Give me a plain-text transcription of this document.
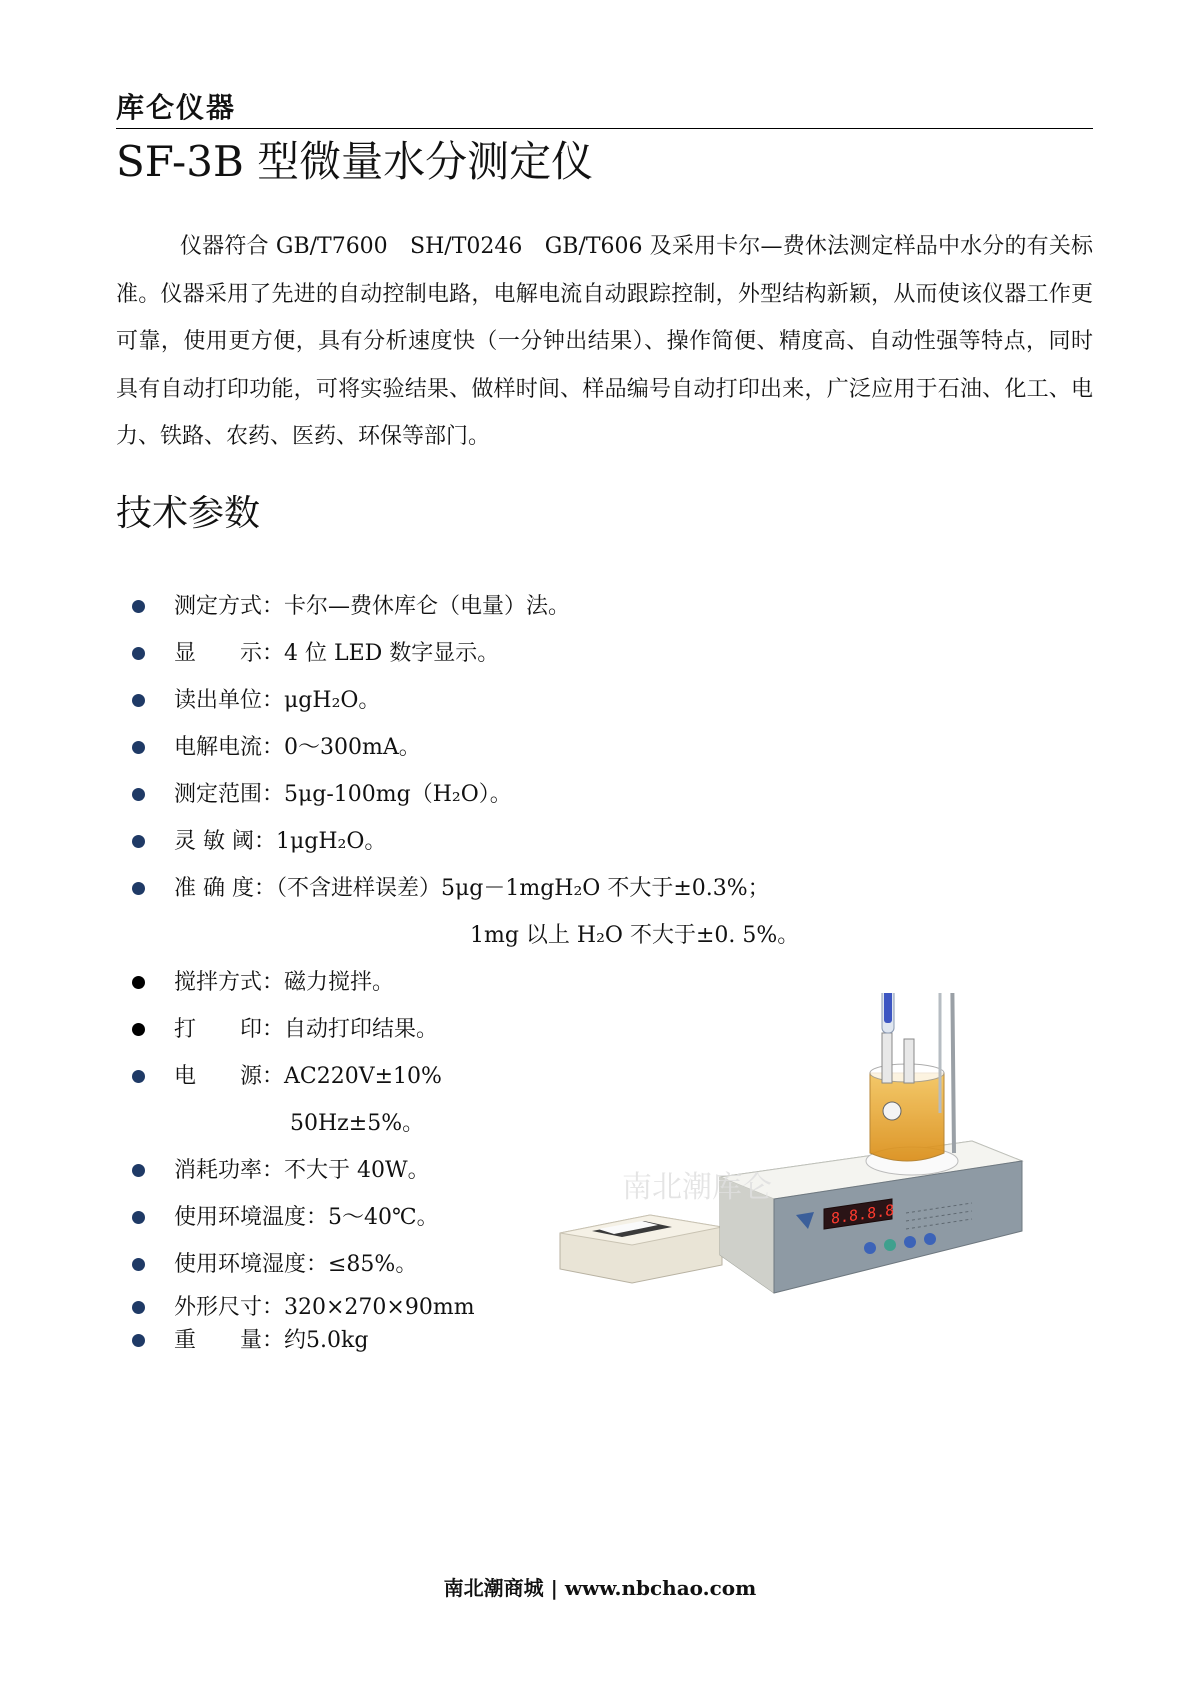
库仑仪器
SF-3B 型微量水分测定仪

仪器符合 GB/T7600　SH/T0246　GB/T606 及采用卡尔—费休法测定样品中水分的有关标准。仪器采用了先进的自动控制电路，电解电流自动跟踪控制，外型结构新颖，从而使该仪器工作更可靠，使用更方便，具有分析速度快（一分钟出结果）、操作简便、精度高、自动性强等特点，同时具有自动打印功能，可将实验结果、做样时间、样品编号自动打印出来，广泛应用于石油、化工、电力、铁路、农药、医药、环保等部门。

技术参数
测定方式：卡尔—费休库仑（电量）法。
显　　示：4 位 LED 数字显示。
读出单位：μgH₂O。
电解电流：0～300mA。
测定范围：5μg-100mg（H₂O）。
灵 敏 阈：1μgH₂O。
准 确 度：（不含进样误差）5μg－1mgH₂O 不大于±0.3%；
1mg 以上 H₂O 不大于±0. 5%。
搅拌方式：磁力搅拌。
打　　印：自动打印结果。
电　　源：AC220V±10%
50Hz±5%。
消耗功率：不大于 40W。
使用环境温度：5～40℃。
使用环境湿度：≤85%。
外形尺寸：320×270×90mm
重　　量：约5.0kg
8.8.8.8
南北潮库仑
南北潮商城 | www.nbchao.com
